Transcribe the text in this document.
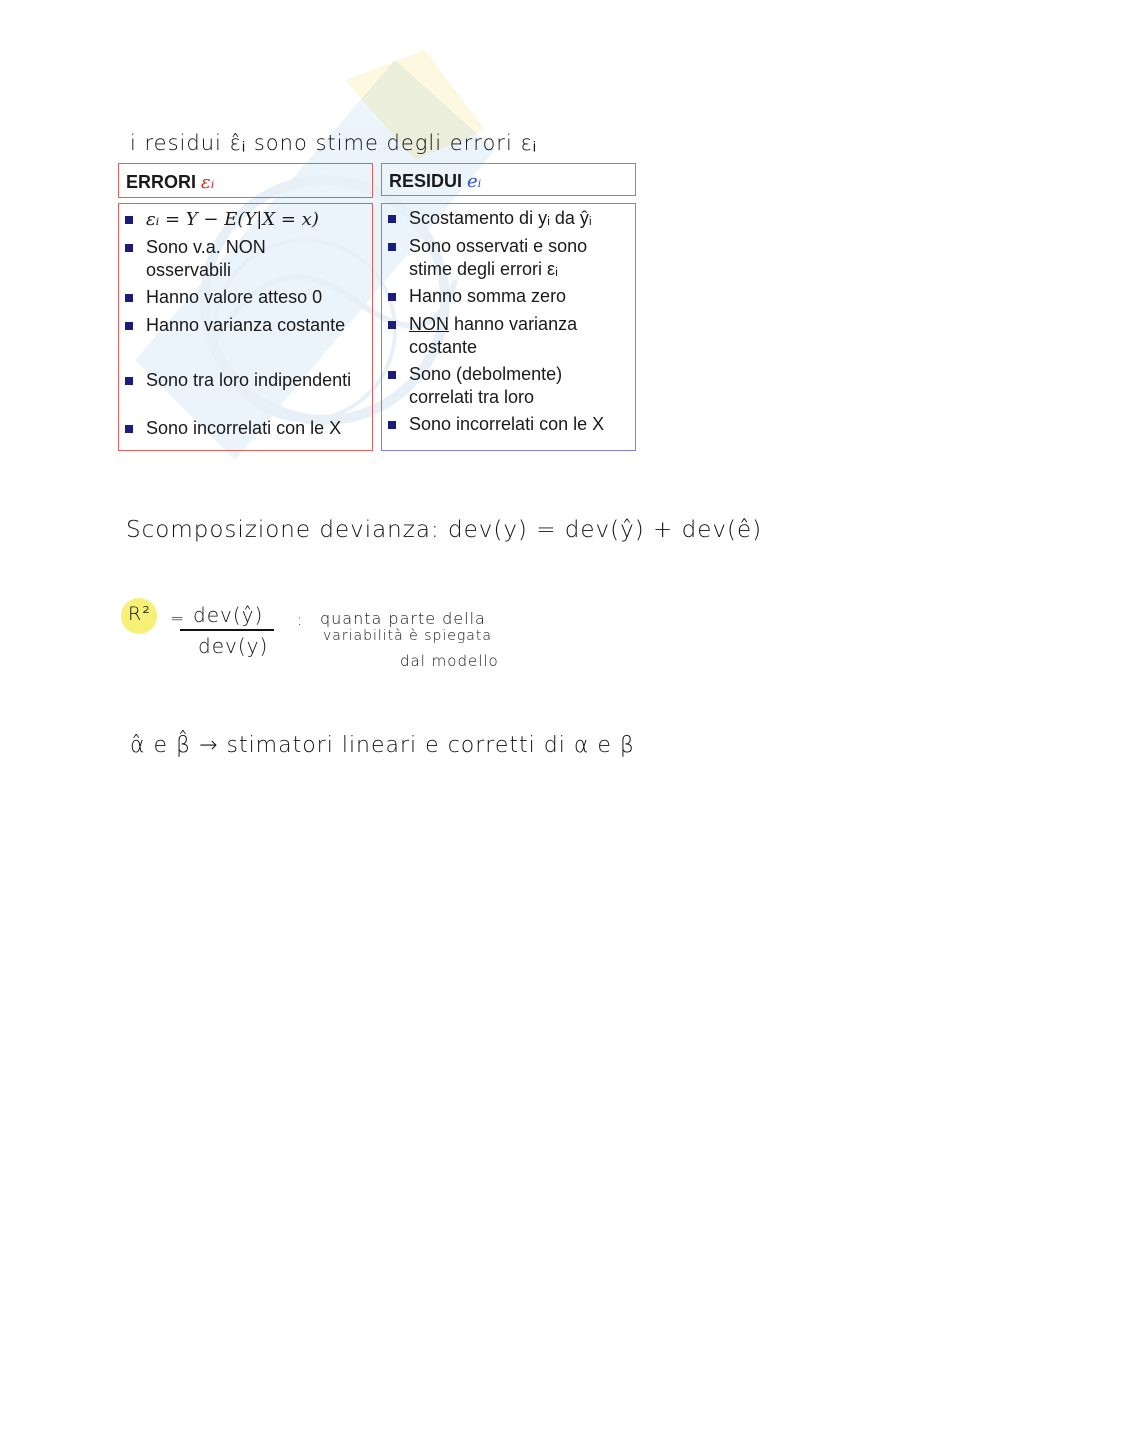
i residui ε̂ᵢ sono stime degli errori εᵢ
ERRORI εᵢ	RESIDUI eᵢ
εᵢ = Y − E(Y|X = x)
Sono v.a. NON
osservabili
Hanno valore atteso 0
Hanno varianza costante
Sono tra loro indipendenti
Sono incorrelati con le X
Scostamento di yᵢ da ŷᵢ
Sono osservati e sono
stime degli errori εᵢ
Hanno somma zero
NON hanno varianza
costante
Sono (debolmente)
correlati tra loro
Sono incorrelati con le X
Scomposizione devianza: dev(y) = dev(ŷ) + dev(ê)
R² = dev(ŷ)
dev(y)
: quanta parte della
variabilità è spiegata
dal modello
α̂ e β̂ → stimatori lineari e corretti di α e β
